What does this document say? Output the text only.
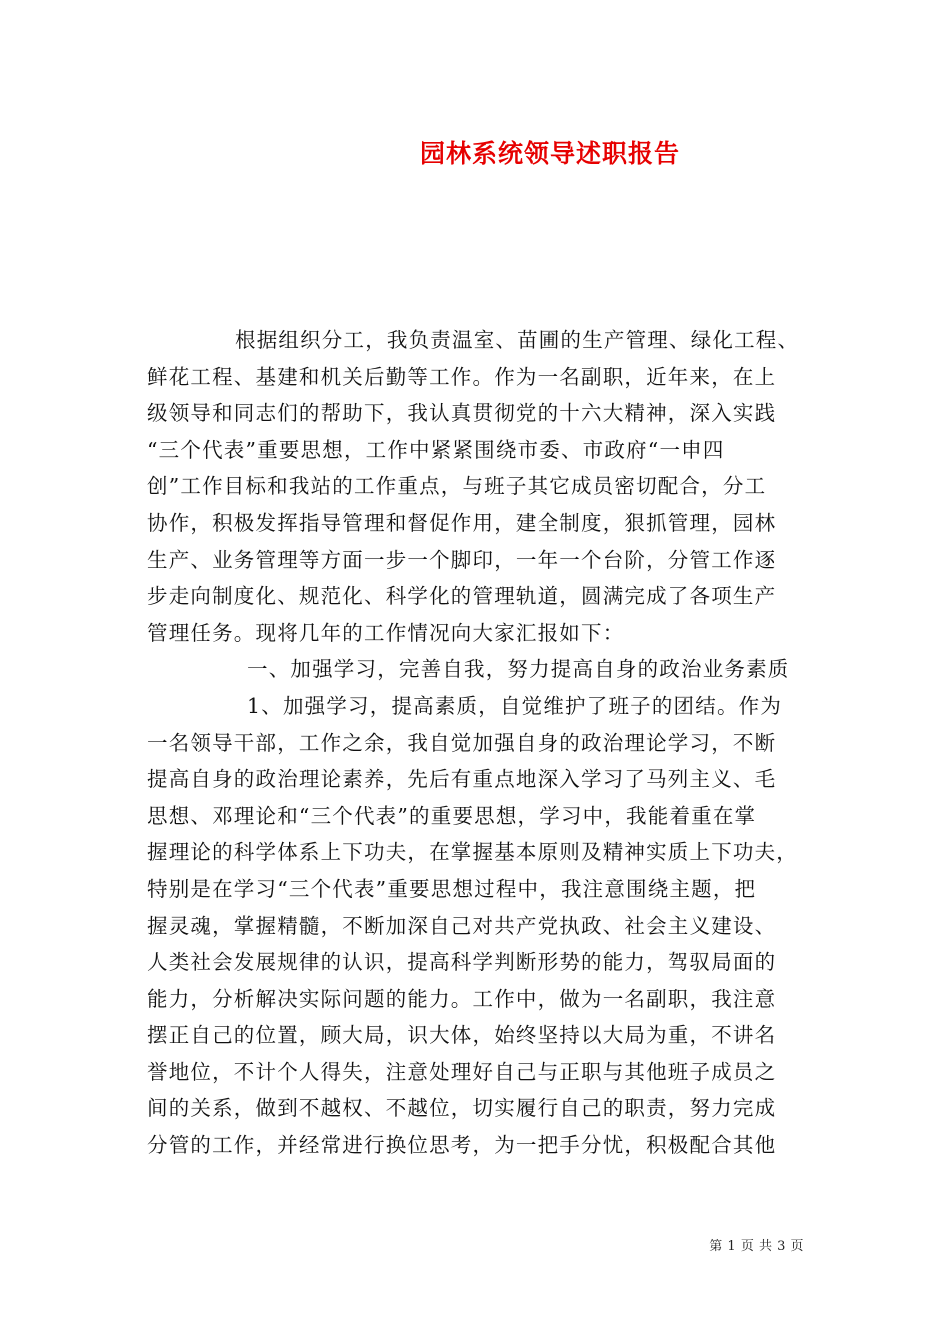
园林系统领导述职报告
根据组织分工，我负责温室、苗圃的生产管理、绿化工程、
鲜花工程、基建和机关后勤等工作。作为一名副职，近年来，在上
级领导和同志们的帮助下，我认真贯彻党的十六大精神，深入实践
“三个代表”重要思想，工作中紧紧围绕市委、市政府“一申四
创”工作目标和我站的工作重点，与班子其它成员密切配合，分工
协作，积极发挥指导管理和督促作用，建全制度，狠抓管理，园林
生产、业务管理等方面一步一个脚印，一年一个台阶，分管工作逐
步走向制度化、规范化、科学化的管理轨道，圆满完成了各项生产
管理任务。现将几年的工作情况向大家汇报如下：
一、加强学习，完善自我，努力提高自身的政治业务素质
1、加强学习，提高素质，自觉维护了班子的团结。作为
一名领导干部，工作之余，我自觉加强自身的政治理论学习，不断
提高自身的政治理论素养，先后有重点地深入学习了马列主义、毛
思想、邓理论和“三个代表”的重要思想，学习中，我能着重在掌
握理论的科学体系上下功夫，在掌握基本原则及精神实质上下功夫，
特别是在学习“三个代表”重要思想过程中，我注意围绕主题，把
握灵魂，掌握精髓，不断加深自己对共产党执政、社会主义建设、
人类社会发展规律的认识，提高科学判断形势的能力，驾驭局面的
能力，分析解决实际问题的能力。工作中，做为一名副职，我注意
摆正自己的位置，顾大局，识大体，始终坚持以大局为重，不讲名
誉地位，不计个人得失，注意处理好自己与正职与其他班子成员之
间的关系，做到不越权、不越位，切实履行自己的职责，努力完成
分管的工作，并经常进行换位思考，为一把手分忧，积极配合其他
第 1 页 共 3 页
